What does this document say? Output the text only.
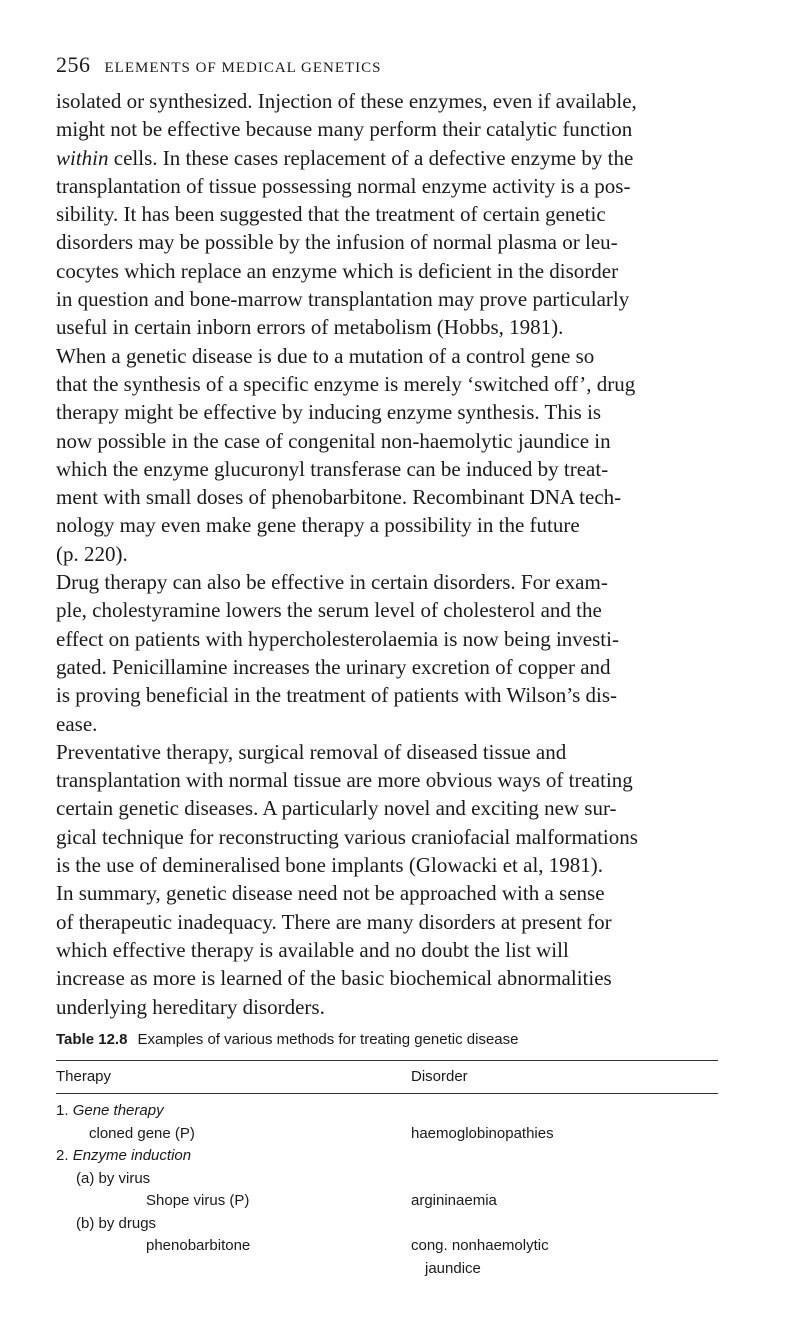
256 ELEMENTS OF MEDICAL GENETICS
isolated or synthesized. Injection of these enzymes, even if available,
might not be effective because many perform their catalytic function
within cells. In these cases replacement of a defective enzyme by the
transplantation of tissue possessing normal enzyme activity is a pos-
sibility. It has been suggested that the treatment of certain genetic
disorders may be possible by the infusion of normal plasma or leu-
cocytes which replace an enzyme which is deficient in the disorder
in question and bone-marrow transplantation may prove particularly
useful in certain inborn errors of metabolism (Hobbs, 1981).
When a genetic disease is due to a mutation of a control gene so
that the synthesis of a specific enzyme is merely ‘switched off’, drug
therapy might be effective by inducing enzyme synthesis. This is
now possible in the case of congenital non-haemolytic jaundice in
which the enzyme glucuronyl transferase can be induced by treat-
ment with small doses of phenobarbitone. Recombinant DNA tech-
nology may even make gene therapy a possibility in the future
(p. 220).
Drug therapy can also be effective in certain disorders. For exam-
ple, cholestyramine lowers the serum level of cholesterol and the
effect on patients with hypercholesterolaemia is now being investi-
gated. Penicillamine increases the urinary excretion of copper and
is proving beneficial in the treatment of patients with Wilson’s dis-
ease.
Preventative therapy, surgical removal of diseased tissue and
transplantation with normal tissue are more obvious ways of treating
certain genetic diseases. A particularly novel and exciting new sur-
gical technique for reconstructing various craniofacial malformations
is the use of demineralised bone implants (Glowacki et al, 1981).
In summary, genetic disease need not be approached with a sense
of therapeutic inadequacy. There are many disorders at present for
which effective therapy is available and no doubt the list will
increase as more is learned of the basic biochemical abnormalities
underlying hereditary disorders.
Table 12.8 Examples of various methods for treating genetic disease
Therapy	Disorder
1. Gene therapy
cloned gene (P)
2. Enzyme induction
(a) by virus
Shope virus (P)
(b) by drugs
phenobarbitone
haemoglobinopathies
argininaemia
cong. nonhaemolytic
jaundice
